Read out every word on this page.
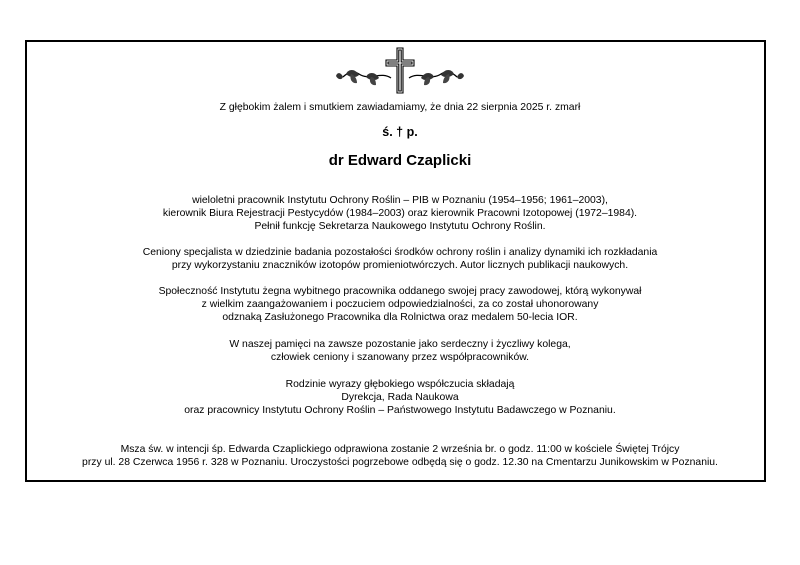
Z głębokim żalem i smutkiem zawiadamiamy, że dnia 22 sierpnia 2025 r. zmarł
ś. † p.
dr Edward Czaplicki
wieloletni pracownik Instytutu Ochrony Roślin – PIB w Poznaniu (1954–1956; 1961–2003),
kierownik Biura Rejestracji Pestycydów (1984–2003) oraz kierownik Pracowni Izotopowej (1972–1984).
Pełnił funkcję Sekretarza Naukowego Instytutu Ochrony Roślin.
Ceniony specjalista w dziedzinie badania pozostałości środków ochrony roślin i analizy dynamiki ich rozkładania
przy wykorzystaniu znaczników izotopów promieniotwórczych. Autor licznych publikacji naukowych.
Społeczność Instytutu żegna wybitnego pracownika oddanego swojej pracy zawodowej, którą wykonywał
z wielkim zaangażowaniem i poczuciem odpowiedzialności, za co został uhonorowany
odznaką Zasłużonego Pracownika dla Rolnictwa oraz medalem 50-lecia IOR.
W naszej pamięci na zawsze pozostanie jako serdeczny i życzliwy kolega,
człowiek ceniony i szanowany przez współpracowników.
Rodzinie wyrazy głębokiego współczucia składają
Dyrekcja, Rada Naukowa
oraz pracownicy Instytutu Ochrony Roślin – Państwowego Instytutu Badawczego w Poznaniu.
Msza św. w intencji śp. Edwarda Czaplickiego odprawiona zostanie 2 września br. o godz. 11:00 w kościele Świętej Trójcy
przy ul. 28 Czerwca 1956 r. 328 w Poznaniu. Uroczystości pogrzebowe odbędą się o godz. 12.30 na Cmentarzu Junikowskim w Poznaniu.
